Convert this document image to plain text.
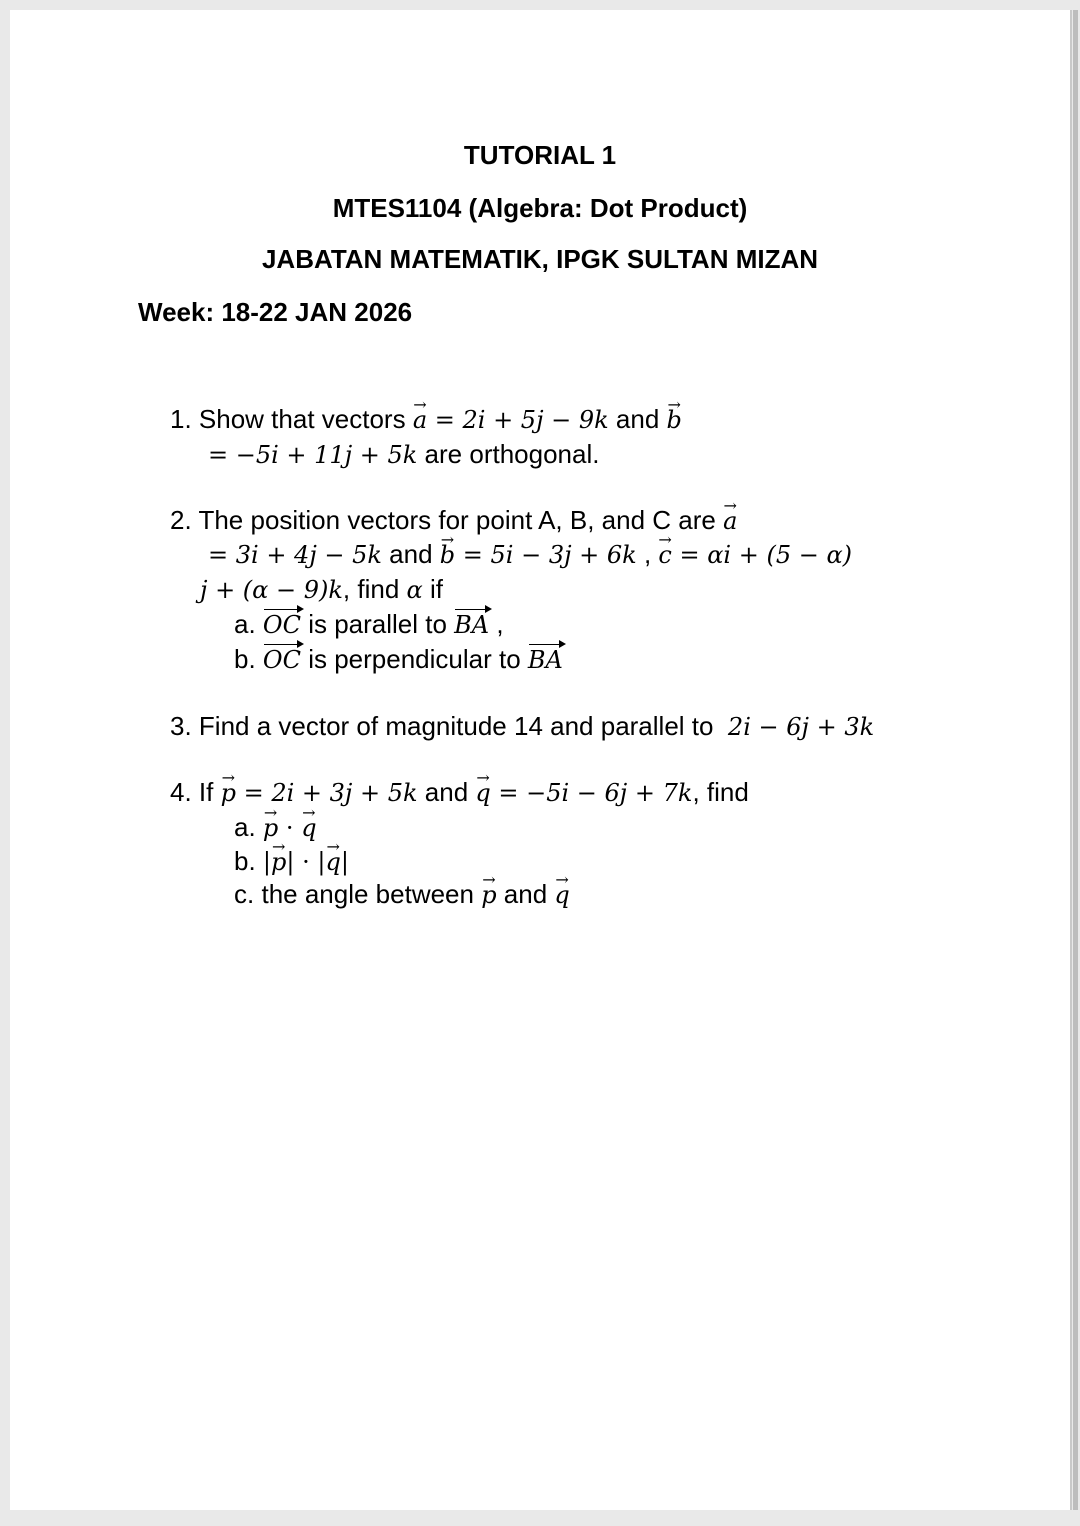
TUTORIAL 1
MTES1104 (Algebra: Dot Product)
JABATAN MATEMATIK, IPGK SULTAN MIZAN
Week: 18-22 JAN 2026
1. Show that vectors → a = 2i + 5j − 9k and → b
= −5i + 11j + 5k are orthogonal.
2. The position vectors for point A, B, and C are → a
= 3i + 4j − 5k and → b = 5i − 3j + 6k , → c = αi + (5 − α)
j + (α − 9)k, find α if
a. OC is parallel to BA ,
b. OC is perpendicular to BA
3. Find a vector of magnitude 14 and parallel to 2i − 6j + 3k
4. If → p = 2i + 3j + 5k and → q = −5i − 6j + 7k, find
a. → p · → q
b. |→ p| · |→ q|
c. the angle between → p and → q
